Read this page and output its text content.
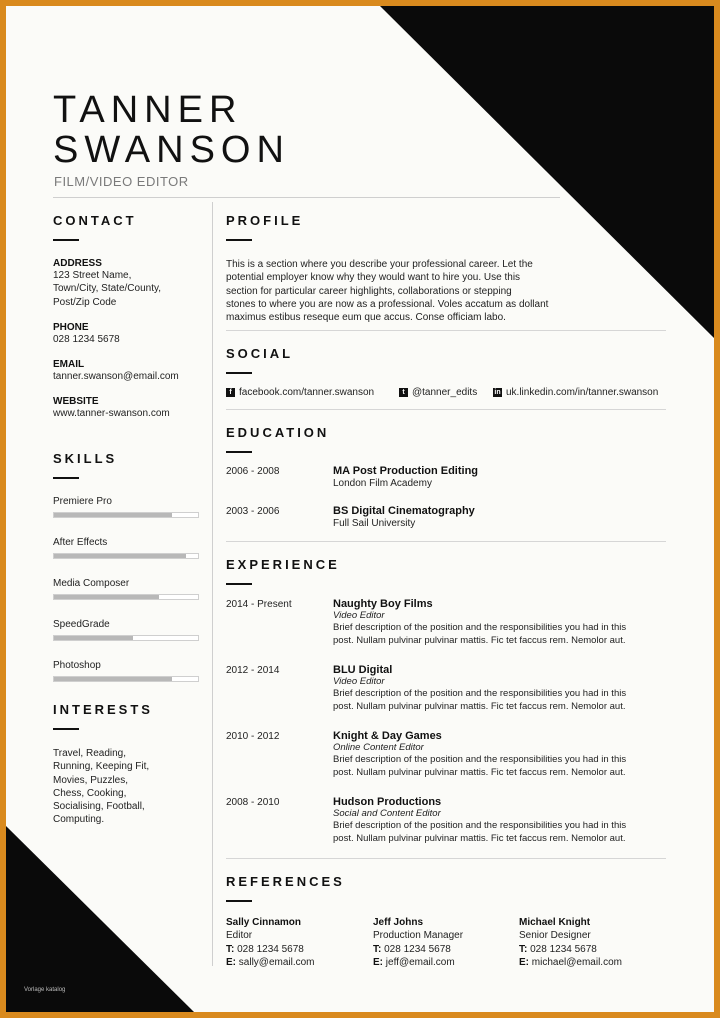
TANNER
SWANSON
FILM/VIDEO EDITOR
CONTACT
ADDRESS
123 Street Name,
Town/City, State/County,
Post/Zip Code
PHONE
028 1234 5678
EMAIL
tanner.swanson@email.com
WEBSITE
www.tanner-swanson.com
SKILLS
Premiere Pro
After Effects
Media Composer
SpeedGrade
Photoshop
INTERESTS
Travel, Reading,
Running, Keeping Fit,
Movies, Puzzles,
Chess, Cooking,
Socialising, Football,
Computing.
PROFILE
This is a section where you describe your professional career. Let the
potential employer know why they would want to hire you. Use this
section for particular career highlights, collaborations or stepping
stones to where you are now as a professional. Voles accatum as dollant
maximus estibus reseque eum que accus. Conse officiam labo.
SOCIAL
f facebook.com/tanner.swanson	t @tanner_edits in uk.linkedin.com/in/tanner.swanson
EDUCATION
2006 - 2008	MA Post Production Editing
London Film Academy
2003 - 2006	BS Digital Cinematography
Full Sail University
EXPERIENCE
2014 - Present	Naughty Boy Films
Video Editor
Brief description of the position and the responsibilities you had in this
post. Nullam pulvinar pulvinar mattis. Fic tet faccus rem. Nemolor aut.
2012 - 2014	BLU Digital
Video Editor
Brief description of the position and the responsibilities you had in this
post. Nullam pulvinar pulvinar mattis. Fic tet faccus rem. Nemolor aut.
2010 - 2012	Knight & Day Games
Online Content Editor
Brief description of the position and the responsibilities you had in this
post. Nullam pulvinar pulvinar mattis. Fic tet faccus rem. Nemolor aut.
2008 - 2010	Hudson Productions
Social and Content Editor
Brief description of the position and the responsibilities you had in this
post. Nullam pulvinar pulvinar mattis. Fic tet faccus rem. Nemolor aut.
REFERENCES
Sally Cinnamon
Editor
T: 028 1234 5678
E: sally@email.com
Jeff Johns
Production Manager
T: 028 1234 5678
E: jeff@email.com
Michael Knight
Senior Designer
T: 028 1234 5678
E: michael@email.com
Vorlage katalog
